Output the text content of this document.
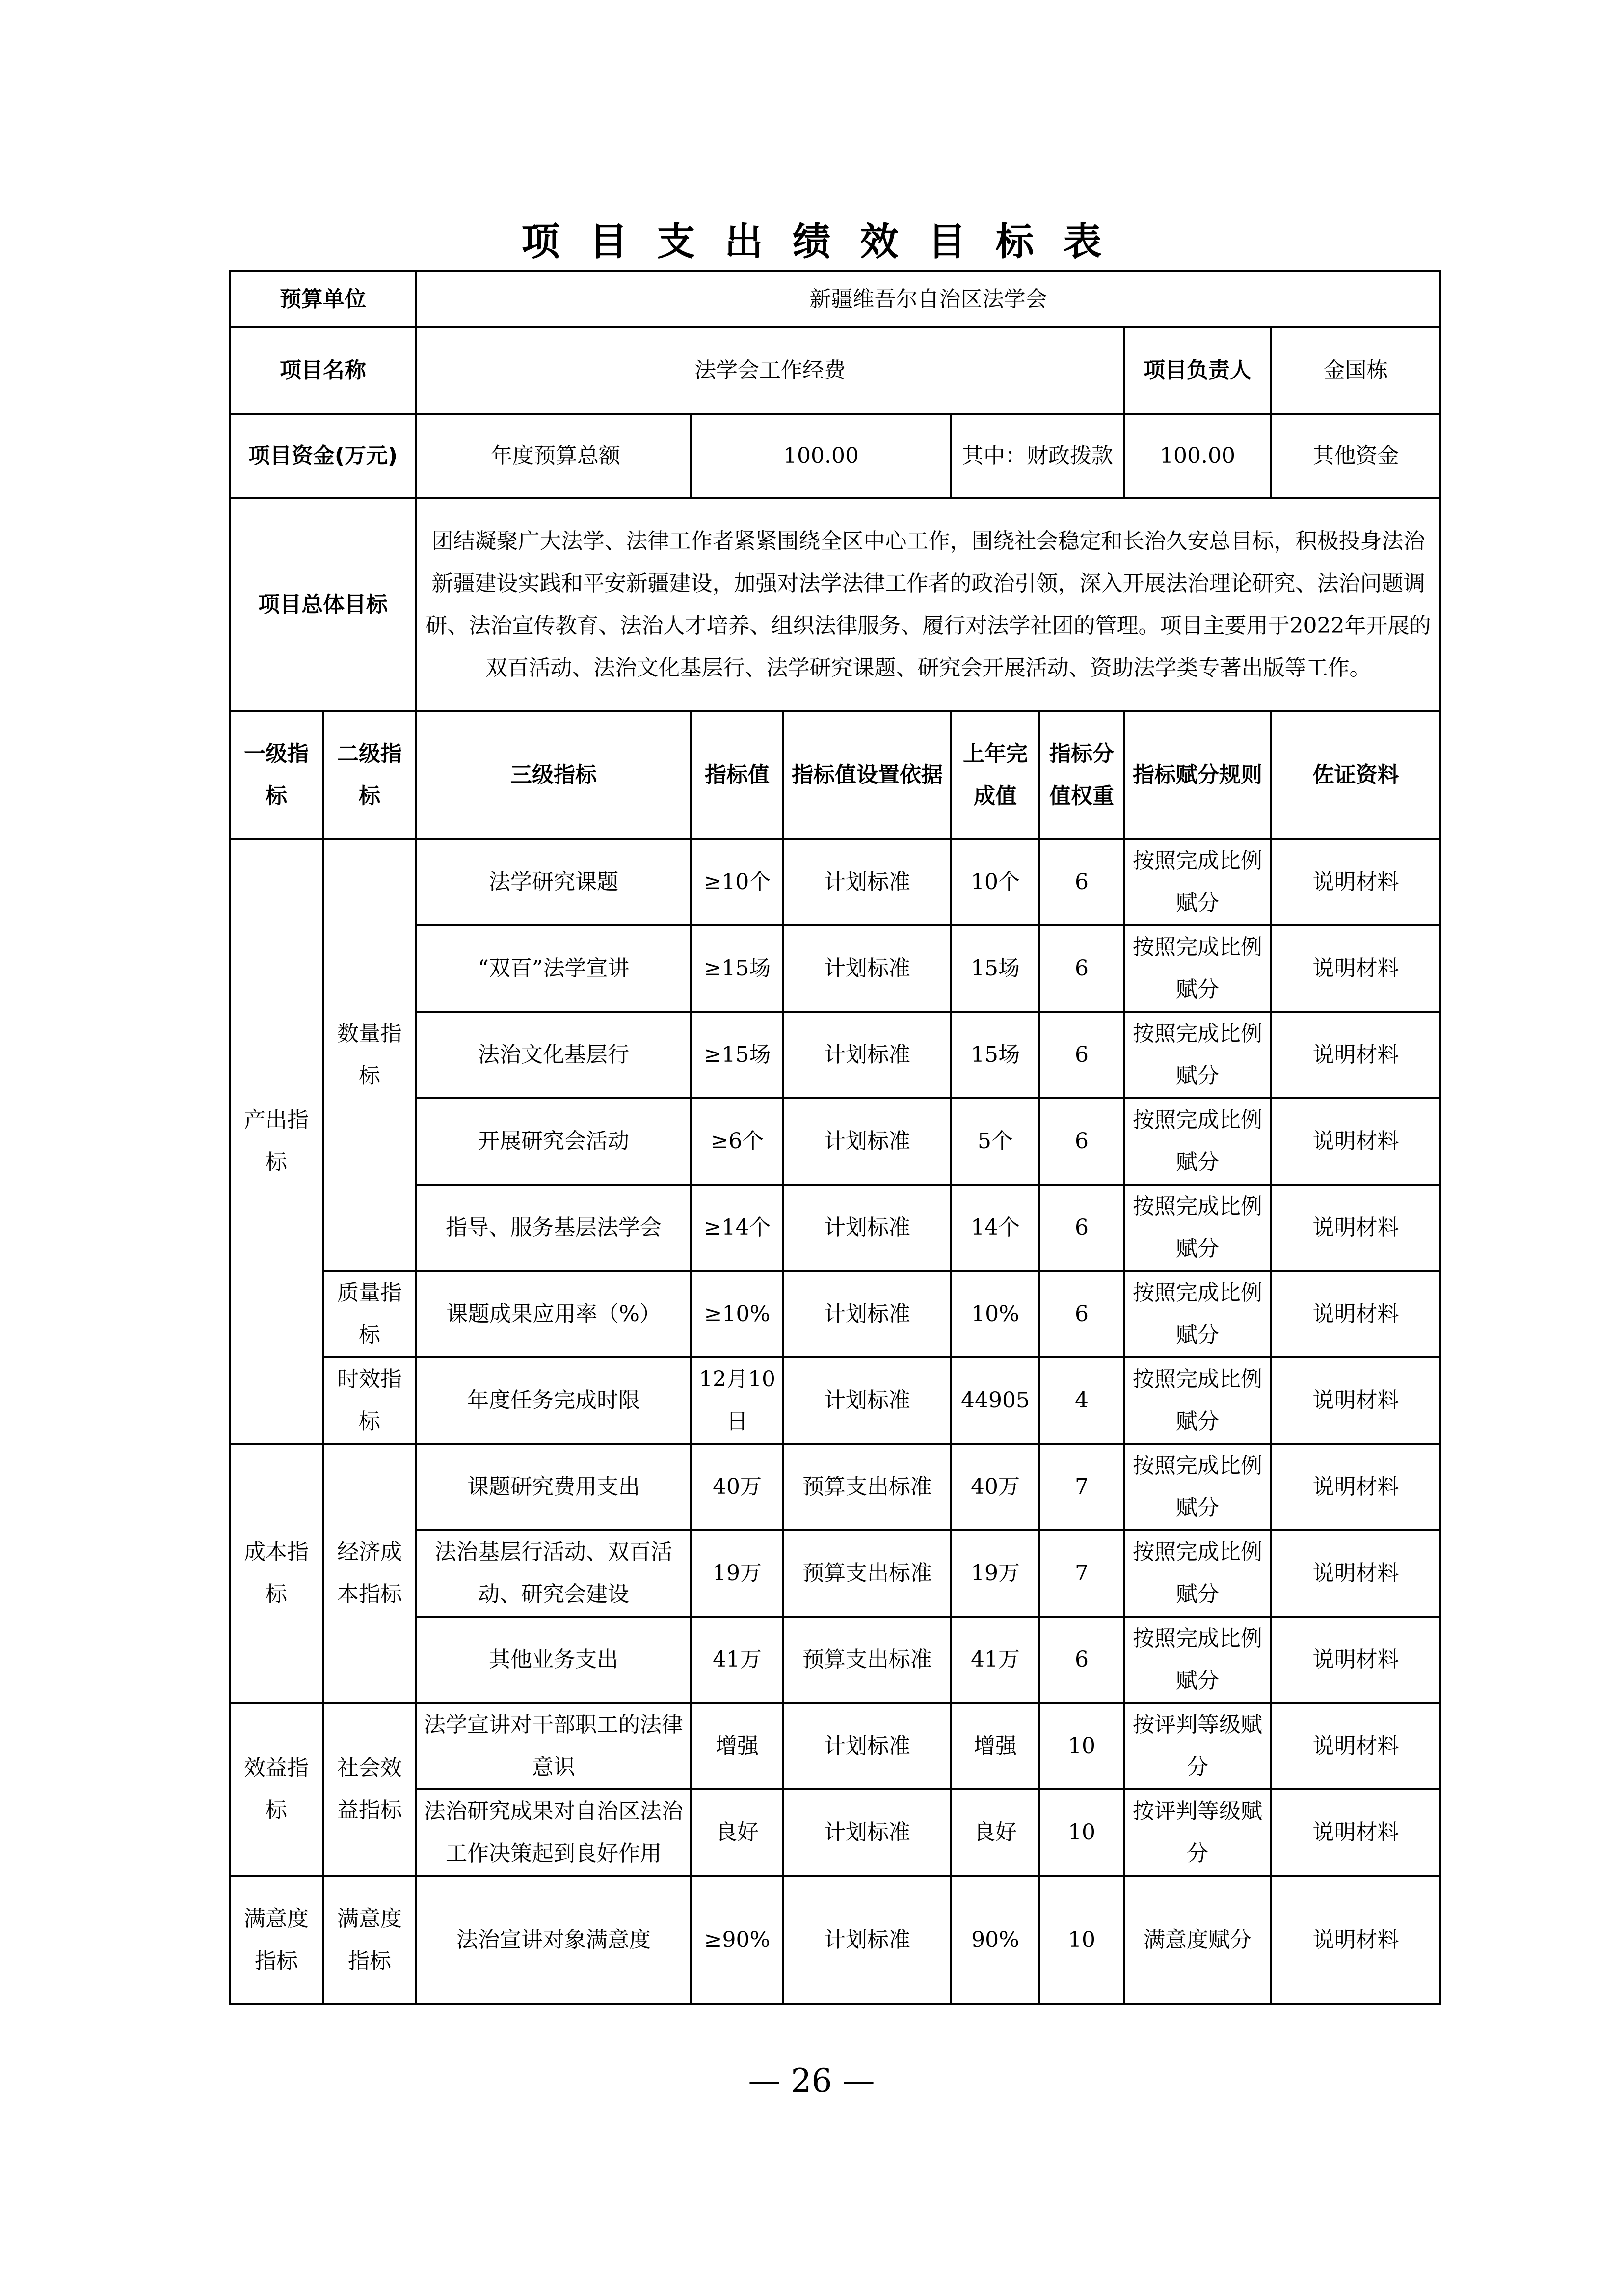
项目支出绩效目标表
预算单位		新疆维吾尔自治区法学会						
项目名称		法学会工作经费					项目负责人	金国栋
项目资金(万元)		年度预算总额	100.00		其中：财政拨款		100.00	其他资金
项目总体目标		团结凝聚广大法学、法律工作者紧紧围绕全区中心工作，围绕社会稳定和长治久安总目标，积极投身法治新疆建设实践和平安新疆建设，加强对法学法律工作者的政治引领，深入开展法治理论研究、法治问题调研、法治宣传教育、法治人才培养、组织法律服务、履行对法学社团的管理。项目主要用于2022年开展的双百活动、法治文化基层行、法学研究课题、研究会开展活动、资助法学类专著出版等工作。						
一级指标	二级指标	三级指标	指标值	指标值设置依据	上年完成值	指标分值权重	指标赋分规则	佐证资料
产出指标	数量指标	法学研究课题	≥10个	计划标准	10个	6	按照完成比例赋分	说明材料
		“双百”法学宣讲	≥15场	计划标准	15场	6	按照完成比例赋分	说明材料
		法治文化基层行	≥15场	计划标准	15场	6	按照完成比例赋分	说明材料
		开展研究会活动	≥6个	计划标准	5个	6	按照完成比例赋分	说明材料
		指导、服务基层法学会	≥14个	计划标准	14个	6	按照完成比例赋分	说明材料
	质量指标	课题成果应用率（%）	≥10%	计划标准	10%	6	按照完成比例赋分	说明材料
	时效指标	年度任务完成时限	12月10日	计划标准	44905	4	按照完成比例赋分	说明材料
成本指标	经济成本指标	课题研究费用支出	40万	预算支出标准	40万	7	按照完成比例赋分	说明材料
		法治基层行活动、双百活动、研究会建设	19万	预算支出标准	19万	7	按照完成比例赋分	说明材料
		其他业务支出	41万	预算支出标准	41万	6	按照完成比例赋分	说明材料
效益指标	社会效益指标	法学宣讲对干部职工的法律意识	增强	计划标准	增强	10	按评判等级赋分	说明材料
		法治研究成果对自治区法治工作决策起到良好作用	良好	计划标准	良好	10	按评判等级赋分	说明材料
满意度指标	满意度指标	法治宣讲对象满意度	≥90%	计划标准	90%	10	满意度赋分	说明材料
— 26 —
